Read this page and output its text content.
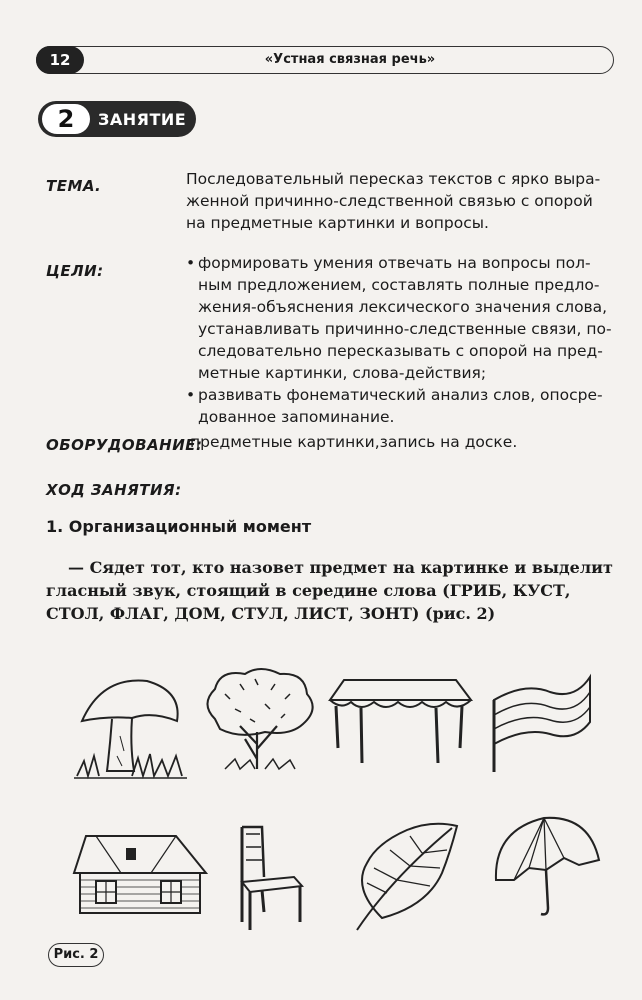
12	«Устная связная речь»
2	ЗАНЯТИЕ
ТЕМА.	Последовательный пересказ текстов с ярко выра-

женной причинно-следственной связью с опорой

на предметные картинки и вопросы.

ЦЕЛИ:	• формировать умения отвечать на вопросы пол-

ным предложением, составлять полные предло-

жения-объяснения лексического значения слова,

устанавливать причинно-следственные связи, по-

следовательно пересказывать с опорой на пред-

метные картинки, слова-действия;

• развивать фонематический анализ слов, опосре-

дованное запоминание.

ОБОРУДОВАНИЕ:
предметные картинки,запись на доске.
ХОД ЗАНЯТИЯ:
1. Организационный момент

— Сядет тот, кто назовет предмет на картинке и выделит

гласный звук, стоящий в середине слова (ГРИБ, КУСТ,

СТОЛ, ФЛАГ, ДОМ, СТУЛ, ЛИСТ, ЗОНТ) (рис. 2)

Рис. 2
